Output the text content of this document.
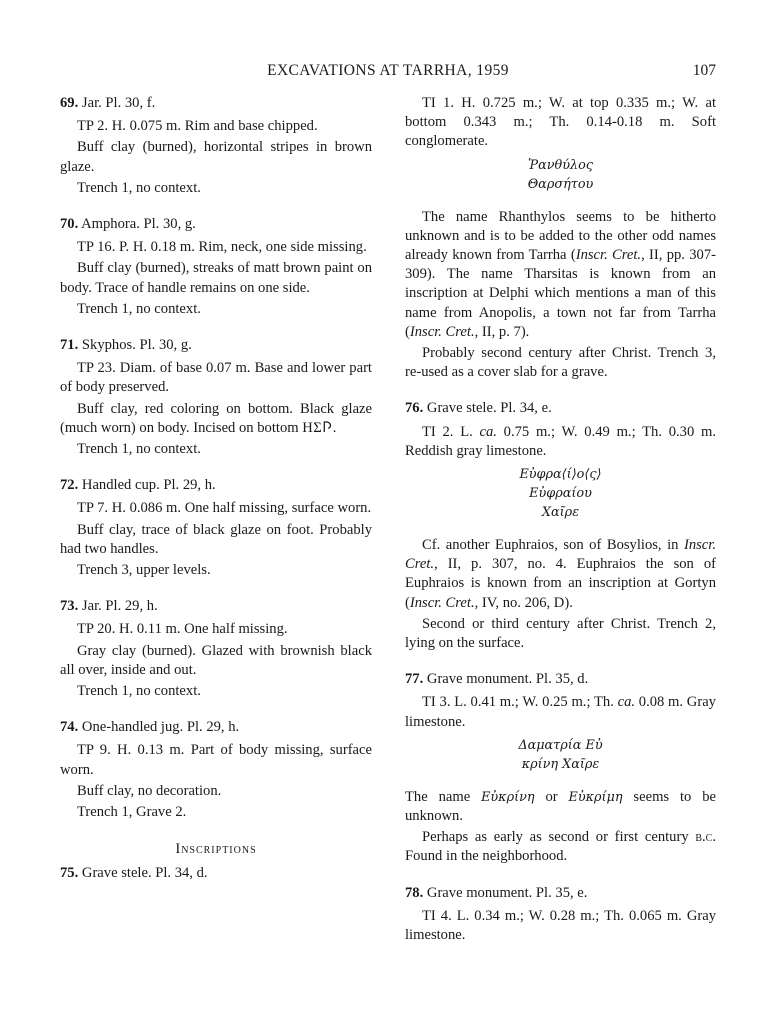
EXCAVATIONS AT TARRHA, 1959	107
69. Jar. Pl. 30, f.
TP 2. H. 0.075 m. Rim and base chipped.
Buff clay (burned), horizontal stripes in brown glaze.
Trench 1, no context.
70. Amphora. Pl. 30, g.
TP 16. P. H. 0.18 m. Rim, neck, one side missing.
Buff clay (burned), streaks of matt brown paint on body. Trace of handle remains on one side.
Trench 1, no context.
71. Skyphos. Pl. 30, g.
TP 23. Diam. of base 0.07 m. Base and lower part of body preserved.
Buff clay, red coloring on bottom. Black glaze (much worn) on body. Incised on bottom ΗΣ𐌐.
Trench 1, no context.
72. Handled cup. Pl. 29, h.
TP 7. H. 0.086 m. One half missing, surface worn.
Buff clay, trace of black glaze on foot. Probably had two handles.
Trench 3, upper levels.
73. Jar. Pl. 29, h.
TP 20. H. 0.11 m. One half missing.
Gray clay (burned). Glazed with brownish black all over, inside and out.
Trench 1, no context.
74. One-handled jug. Pl. 29, h.
TP 9. H. 0.13 m. Part of body missing, surface worn.
Buff clay, no decoration.
Trench 1, Grave 2.
Inscriptions
75. Grave stele. Pl. 34, d.
TI 1. H. 0.725 m.; W. at top 0.335 m.; W. at bottom 0.343 m.; Th. 0.14-0.18 m. Soft conglomerate.
Ῥανθύλος
Θαρσήτου
The name Rhanthylos seems to be hitherto unknown and is to be added to the other odd names already known from Tarrha (Inscr. Cret., II, pp. 307-309). The name Tharsitas is known from an inscription at Delphi which mentions a man of this name from Anopolis, a town not far from Tarrha (Inscr. Cret., II, p. 7).
Probably second century after Christ. Trench 3, re-used as a cover slab for a grave.
76. Grave stele. Pl. 34, e.
TI 2. L. ca. 0.75 m.; W. 0.49 m.; Th. 0.30 m. Reddish gray limestone.
Εὐφρα⟨ί⟩ο⟨ς⟩
Εὐφραίου
Χαῖρε
Cf. another Euphraios, son of Bosylios, in Inscr. Cret., II, p. 307, no. 4. Euphraios the son of Euphraios is known from an inscription at Gortyn (Inscr. Cret., IV, no. 206, D).
Second or third century after Christ. Trench 2, lying on the surface.
77. Grave monument. Pl. 35, d.
TI 3. L. 0.41 m.; W. 0.25 m.; Th. ca. 0.08 m. Gray limestone.
Δαματρία Εὐ
κρίνη Χαῖρε
The name Εὐκρίνη or Εὐκρίμη seems to be unknown.
Perhaps as early as second or first century b.c. Found in the neighborhood.
78. Grave monument. Pl. 35, e.
TI 4. L. 0.34 m.; W. 0.28 m.; Th. 0.065 m. Gray limestone.
